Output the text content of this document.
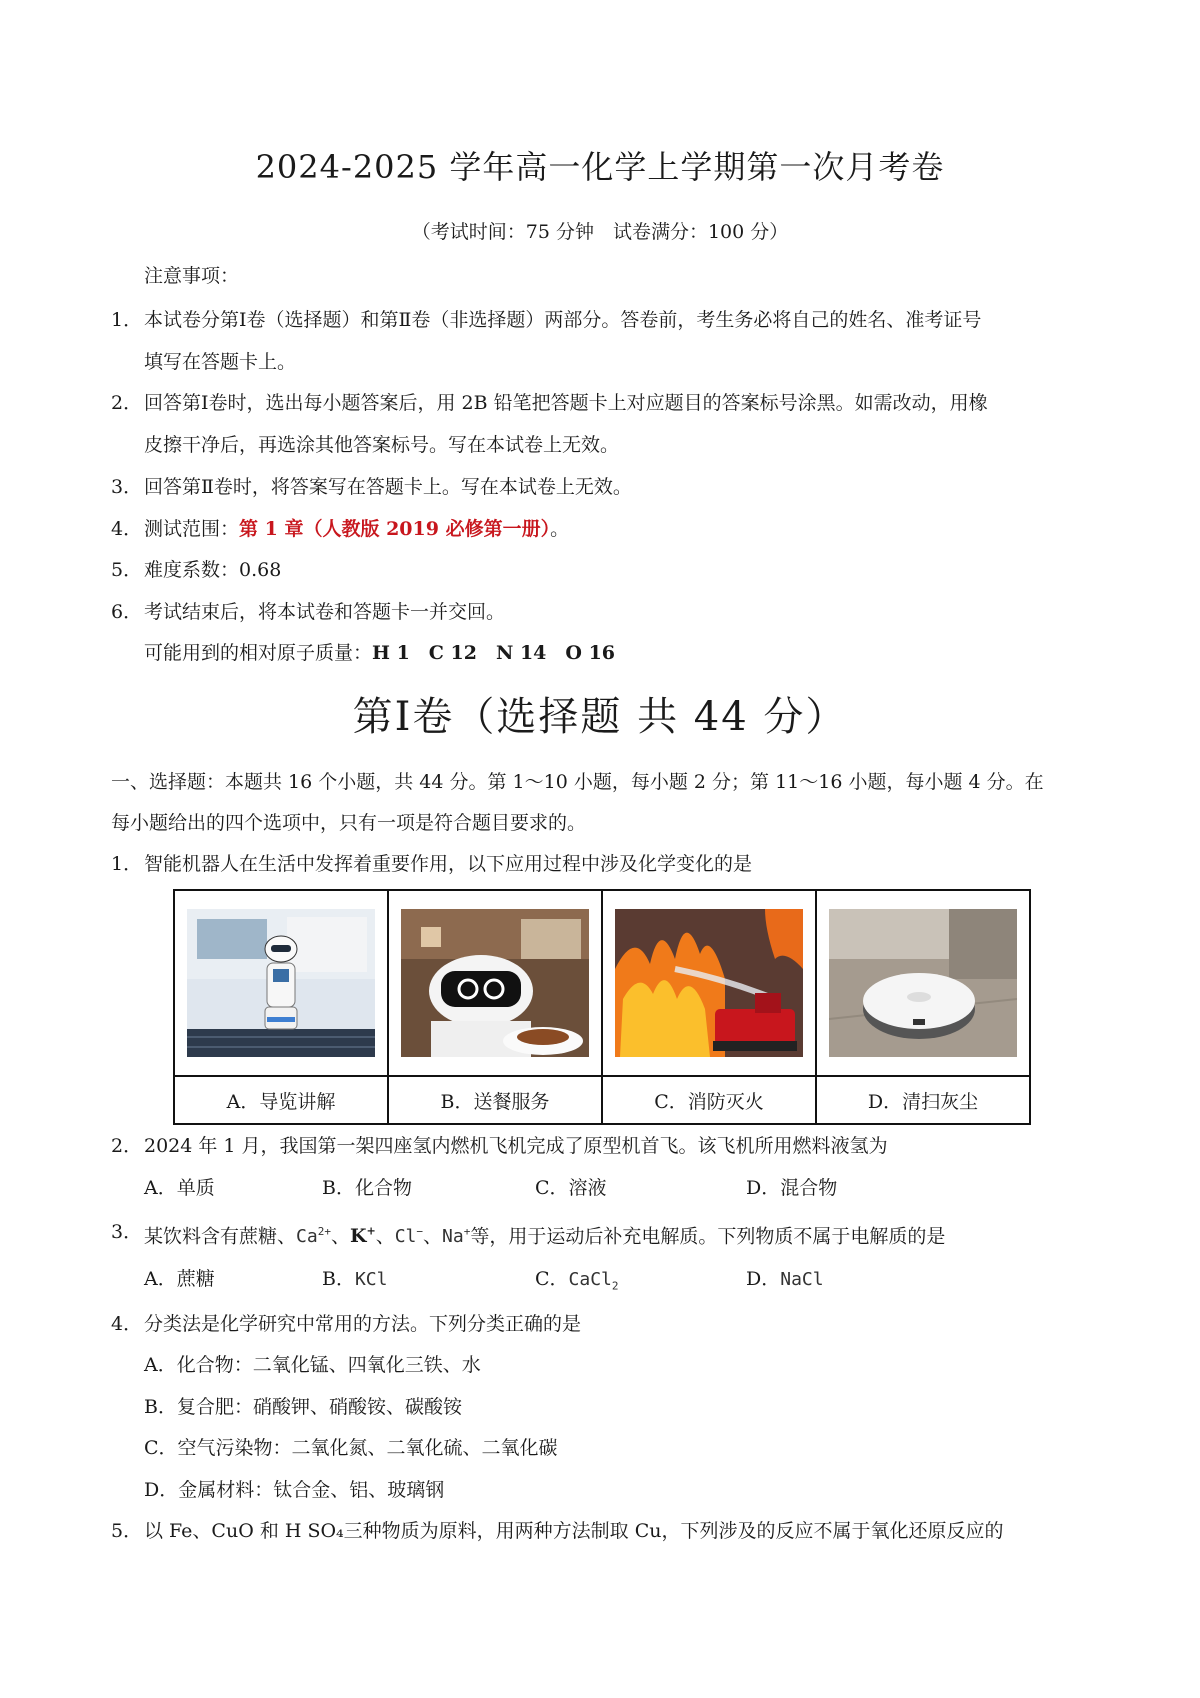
2024-2025 学年高一化学上学期第一次月考卷
（考试时间：75 分钟　试卷满分：100 分）
注意事项：
1． 本试卷分第Ⅰ卷（选择题）和第Ⅱ卷（非选择题）两部分。答卷前，考生务必将自己的姓名、准考证号
填写在答题卡上。
2． 回答第Ⅰ卷时，选出每小题答案后，用 2B 铅笔把答题卡上对应题目的答案标号涂黑。如需改动，用橡
皮擦干净后，再选涂其他答案标号。写在本试卷上无效。
3． 回答第Ⅱ卷时，将答案写在答题卡上。写在本试卷上无效。
4． 测试范围：第 1 章（人教版 2019 必修第一册）。
5． 难度系数：0.68
6． 考试结束后，将本试卷和答题卡一并交回。
可能用到的相对原子质量：H 1　C 12　N 14　O 16
第Ⅰ卷（选择题 共 44 分）
一、选择题：本题共 16 个小题，共 44 分。第 1～10 小题，每小题 2 分；第 11～16 小题，每小题 4 分。在
每小题给出的四个选项中，只有一项是符合题目要求的。
1． 智能机器人在生活中发挥着重要作用，以下应用过程中涉及化学变化的是

A．导览讲解	B．送餐服务	C．消防灭火	D．清扫灰尘
2． 2024 年 1 月，我国第一架四座氢内燃机飞机完成了原型机首飞。该飞机所用燃料液氢为
A．单质	B．化合物	C．溶液	D．混合物
3． 某饮料含有蔗糖、$Ca^{2+}$、K+、Cl−、Na+等，用于运动后补充电解质。下列物质不属于电解质的是
A．蔗糖	B．KCl	C．CaCl$_2$	D．NaCl
4． 分类法是化学研究中常用的方法。下列分类正确的是
A．化合物：二氧化锰、四氧化三铁、水
B．复合肥：硝酸钾、硝酸铵、碳酸铵
C．空气污染物：二氧化氮、二氧化硫、二氧化碳
D．金属材料：钛合金、铝、玻璃钢
5． 以 Fe、CuO 和 H SO₄三种物质为原料，用两种方法制取 Cu，下列涉及的反应不属于氧化还原反应的
